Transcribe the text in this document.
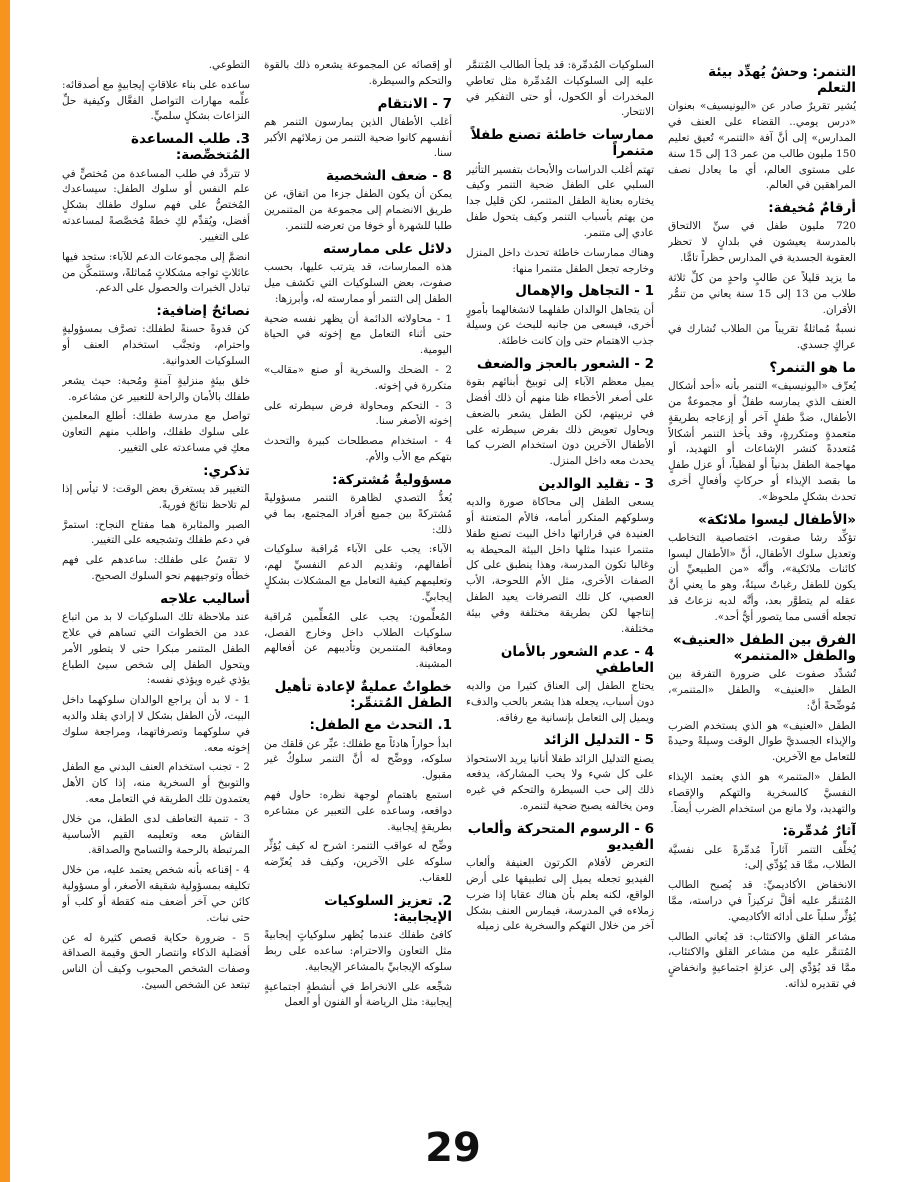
التنمر: وحشٌ يُهدِّد بيئة التعلم

يُشير تقريرٌ صادر عن «اليونيسيف» بعنوان «درس يومي.. القضاء على العنف في المدارس» إلى أنَّ آفة «التنمر» تُعيق تعليم 150 مليون طالب من عمر 13 إلى 15 سنة على مستوى العالم، أي ما يعادل نصف المراهقين في العالم.

أرقامٌ مُخيفة:

720 مليون طفل في سنِّ الالتحاق بالمدرسة يعيشون في بلدانٍ لا تحظر العقوبة الجسدية في المدارس حظراً تامًّا.

ما يزيد قليلاً عن طالبٍ واحدٍ من كلِّ ثلاثة طلاب من 13 إلى 15 سنة يعاني من تنمُّر الأقران.

نسبةٌ مُماثلةٌ تقريباً من الطلاب تُشارك في عراكٍ جسدي.

ما هو التنمر؟

يُعرِّف «اليونيسيف» التنمر بأنه «أحد أشكال العنف الذي يمارسه طفلٌ أو مجموعةٌ من الأطفال، ضدَّ طفلٍ آخر أو إزعاجه بطريقةٍ متعمدةٍ ومتكررةٍ، وقد يأخذ التنمر أشكالاً مُتعددةً كنشر الإشاعات أو التهديد، أو مهاجمة الطفل بدنياً أو لفظياً، أو عزل طفلٍ ما بقصد الإيذاء أو حركاتٍ وأفعالٍ أخرى تحدث بشكلٍ ملحوظ».

«الأطفال ليسوا ملائكة»

تؤكِّد رشا صفوت، اختصاصية التخاطب وتعديل سلوك الأطفال، أنَّ «الأطفال ليسوا كائنات ملائكية»، وأنَّه «من الطبيعيِّ أن يكون للطفل رغباتٌ سيئةٌ، وهو ما يعني أنَّ عقله لم يتطوَّر بعد، وأنَّه لديه نزعاتٌ قد تجعله أقسى مما يتصور أيُّ أحد».

الفرق بين الطفل «العنيف» والطفل «المتنمر»

تُشدِّد صفوت على ضرورة التفرقة بين الطفل «العنيف» والطفل «المتنمر»، مُوضِّحةً أنَّ:

الطفل «العنيف» هو الذي يستخدم الضرب والإيذاء الجسديَّ طوال الوقت وسيلةً وحيدةً للتعامل مع الآخرين.

الطفل «المتنمر» هو الذي يعتمد الإيذاء النفسيَّ كالسخرية والتهكم والإقصاء والتهديد، ولا مانع من استخدام الضرب أيضاً.

آثارٌ مُدمِّرة:

يُخلِّف التنمر آثاراً مُدمِّرةً على نفسيَّة الطلاب، ممَّا قد يُؤدِّي إلى:

الانخفاض الأكاديميِّ: قد يُصبح الطالب المُتنمَّر عليه أقلَّ تركيزاً في دراسته، ممَّا يُؤثِّر سلباً على أدائه الأكاديمي.

مشاعر القلق والاكتئاب: قد يُعاني الطالب المُتنمَّر عليه من مشاعر القلق والاكتئاب، ممَّا قد يُؤدِّي إلى عزلةٍ اجتماعيةٍ وانخفاضٍ في تقديره لذاته.

السلوكيات المُدمِّرة: قد يلجأ الطالب المُتنمَّر عليه إلى السلوكيات المُدمِّرة مثل تعاطي المخدرات أو الكحول، أو حتى التفكير في الانتحار.

ممارسات خاطئة تصنع طفلاً متنمراً

تهتم أغلب الدراسات والأبحاث بتفسير التأثير السلبي على الطفل ضحية التنمر وكيف يختاره بعناية الطفل المتنمر، لكن قليل جدا من يهتم بأسباب التنمر وكيف يتحول طفل عادي إلى متنمر.

وهناك ممارسات خاطئة تحدث داخل المنزل وخارجه تجعل الطفل متنمرا منها:

1 - التجاهل والإهمال

أن يتجاهل الوالدان طفلهما لانشغالهما بأمورٍ أخرى، فيسعى من جانبه للبحث عن وسيلة جذب الاهتمام حتى وإن كانت خاطئة.

2 - الشعور بالعجز والضعف

يميل معظم الآباء إلى توبيخ أبنائهم بقوة على أصغر الأخطاء ظنا منهم أن ذلك أفضل في تربيتهم، لكن الطفل يشعر بالضعف ويحاول تعويض ذلك بفرض سيطرته على الأطفال الآخرين دون استخدام الضرب كما يحدث معه داخل المنزل.

3 - تقليد الوالدين

يسعى الطفل إلى محاكاة صورة والديه وسلوكهم المتكرر أمامه، فالأم المتعنتة أو العنيدة في قراراتها داخل البيت تصنع طفلا متنمرا عنيدا مثلها داخل البيئة المحيطة به وغالبا تكون المدرسة، وهذا ينطبق على كل الصفات الأخرى، مثل الأم اللحوحة، الأب العصبي، كل تلك التصرفات يعيد الطفل إنتاجها لكن بطريقة مختلفة وفي بيئة مختلفة.

4 - عدم الشعور بالأمان العاطفي

يحتاج الطفل إلى العناق كثيرا من والديه دون أسباب، يجعله هذا يشعر بالحب والدفء ويميل إلى التعامل بإنسانية مع رفاقه.

5 - التدليل الزائد

يصنع التدليل الزائد طفلا أنانيا يريد الاستحواذ على كل شيء ولا يحب المشاركة، يدفعه ذلك إلى حب السيطرة والتحكم في غيره ومن يخالفه يصبح ضحية لتنمره.

6 - الرسوم المتحركة وألعاب الفيديو

التعرض لأفلام الكرتون العنيفة وألعاب الفيديو تجعله يميل إلى تطبيقها على أرض الواقع، لكنه يعلم بأن هناك عقابا إذا ضرب زملاءه في المدرسة، فيمارس العنف بشكل آخر من خلال التهكم والسخرية على زميله

أو إقصائه عن المجموعة يشعره ذلك بالقوة والتحكم والسيطرة.

7 - الانتقام

أغلب الأطفال الذين يمارسون التنمر هم أنفسهم كانوا ضحية التنمر من زملائهم الأكبر سنا.

8 - ضعف الشخصية

يمكن أن يكون الطفل جزءا من اتفاق، عن طريق الانضمام إلى مجموعة من المتنمرين طلبا للشهرة أو خوفا من تعرضه للتنمر.

دلائل على ممارسته

هذه الممارسات، قد يترتب عليها، بحسب صفوت، بعض السلوكيات التي تكشف ميل الطفل إلى التنمر أو ممارسته له، وأبرزها:

1 - محاولاته الدائمة أن يظهر نفسه ضحية حتى أثناء التعامل مع إخوته في الحياة اليومية.

2 - الضحك والسخرية أو صنع «مقالب» متكررة في إخوته.

3 - التحكم ومحاولة فرض سيطرته على إخوته الأصغر سنا.

4 - استخدام مصطلحات كبيرة والتحدث بتهكم مع الأب والأم.

مسؤوليةٌ مُشتركة:

يُعدُّ التصدي لظاهرة التنمر مسؤوليةً مُشتركةً بين جميع أفراد المجتمع، بما في ذلك:

الآباء: يجب على الآباء مُراقبة سلوكيات أطفالهم، وتقديم الدعم النفسيِّ لهم، وتعليمهم كيفية التعامل مع المشكلات بشكلٍ إيجابيٍّ.

المُعلِّمون: يجب على المُعلِّمين مُراقبة سلوكيات الطلاب داخل وخارج الفصل، ومعاقبة المتنمرين وتأديبهم عن أفعالهم المشينة.

خطواتٌ عمليةٌ لإعادة تأهيل الطفل المُتنمِّر:

1. التحدث مع الطفل:

ابدأ حواراً هادئاً مع طفلك: عبِّر عن قلقك من سلوكه، ووضِّح له أنَّ التنمر سلوكٌ غير مقبول.

استمع باهتمامٍ لوجهة نظره: حاول فهم دوافعه، وساعده على التعبير عن مشاعره بطريقةٍ إيجابية.

وضِّح له عواقب التنمر: اشرح له كيف يُؤثِّر سلوكه على الآخرين، وكيف قد يُعرِّضه للعقاب.

2. تعزيز السلوكيات الإيجابية:

كافئ طفلك عندما يُظهر سلوكياتٍ إيجابيةً مثل التعاون والاحترام: ساعده على ربط سلوكه الإيجابيِّ بالمشاعر الإيجابية.

شجِّعه على الانخراط في أنشطةٍ اجتماعيةٍ إيجابية: مثل الرياضة أو الفنون أو العمل

التطوعي.

ساعده على بناء علاقاتٍ إيجابيةٍ مع أصدقائه: علِّمه مهارات التواصل الفعَّال وكيفية حلِّ النزاعات بشكلٍ سلميٍّ.

3. طلب المساعدة المُتخصِّصة:

لا تتردَّد في طلب المساعدة من مُختصٍّ في علم النفس أو سلوك الطفل: سيساعدك المُختصُّ على فهم سلوك طفلك بشكلٍ أفضل، ويُقدِّم لكِ خطةً مُخصَّصةً لمساعدته على التغيير.

انضمَّ إلى مجموعات الدعم للآباء: ستجد فيها عائلاتٍ تواجه مشكلاتٍ مُماثلةً، وستتمكَّن من تبادل الخبرات والحصول على الدعم.

نصائحٌ إضافية:

كن قدوةً حسنةً لطفلك: تصرَّف بمسؤوليةٍ واحترام، وتجنَّب استخدام العنف أو السلوكيات العدوانية.

خلق بيئةٍ منزليةٍ آمنةٍ ومُحبة: حيث يشعر طفلك بالأمان والراحة للتعبير عن مشاعره.

تواصل مع مدرسة طفلك: أطلع المعلمين على سلوك طفلك، واطلب منهم التعاون معكِ في مساعدته على التغيير.

تذكري:

التغيير قد يستغرق بعض الوقت: لا تيأس إذا لم تلاحظ نتائجَ فوريةً.

الصبر والمثابرة هما مفتاح النجاح: استمرَّ في دعم طفلك وتشجيعه على التغيير.

لا تقسُ على طفلك: ساعدهم على فهم خطأه وتوجيههم نحو السلوك الصحيح.

أساليب علاجه

عند ملاحظة تلك السلوكيات لا بد من اتباع عدد من الخطوات التي تساهم في علاج الطفل المتنمر مبكرا حتى لا يتطور الأمر ويتحول الطفل إلى شخص سيئ الطباع يؤذي غيره ويؤذي نفسه:

1 - لا بد أن يراجع الوالدان سلوكهما داخل البيت، لأن الطفل بشكل لا إرادي يقلد والديه في سلوكهما وتصرفاتهما، ومراجعة سلوك إخوته معه.

2 - تجنب استخدام العنف البدني مع الطفل والتوبيخ أو السخرية منه، إذا كان الأهل يعتمدون تلك الطريقة في التعامل معه.

3 - تنمية التعاطف لدى الطفل، من خلال النقاش معه وتعليمه القيم الأساسية المرتبطة بالرحمة والتسامح والصداقة.

4 - إقناعه بأنه شخص يعتمد عليه، من خلال تكليفه بمسؤولية شقيقه الأصغر، أو مسؤولية كائن حي آخر أضعف منه كقطة أو كلب أو حتى نبات.

5 - ضرورة حكاية قصص كثيرة له عن أفضلية الذكاء وانتصار الحق وقيمة الصداقة وصفات الشخص المحبوب وكيف أن الناس تبتعد عن الشخص السيئ.

29
